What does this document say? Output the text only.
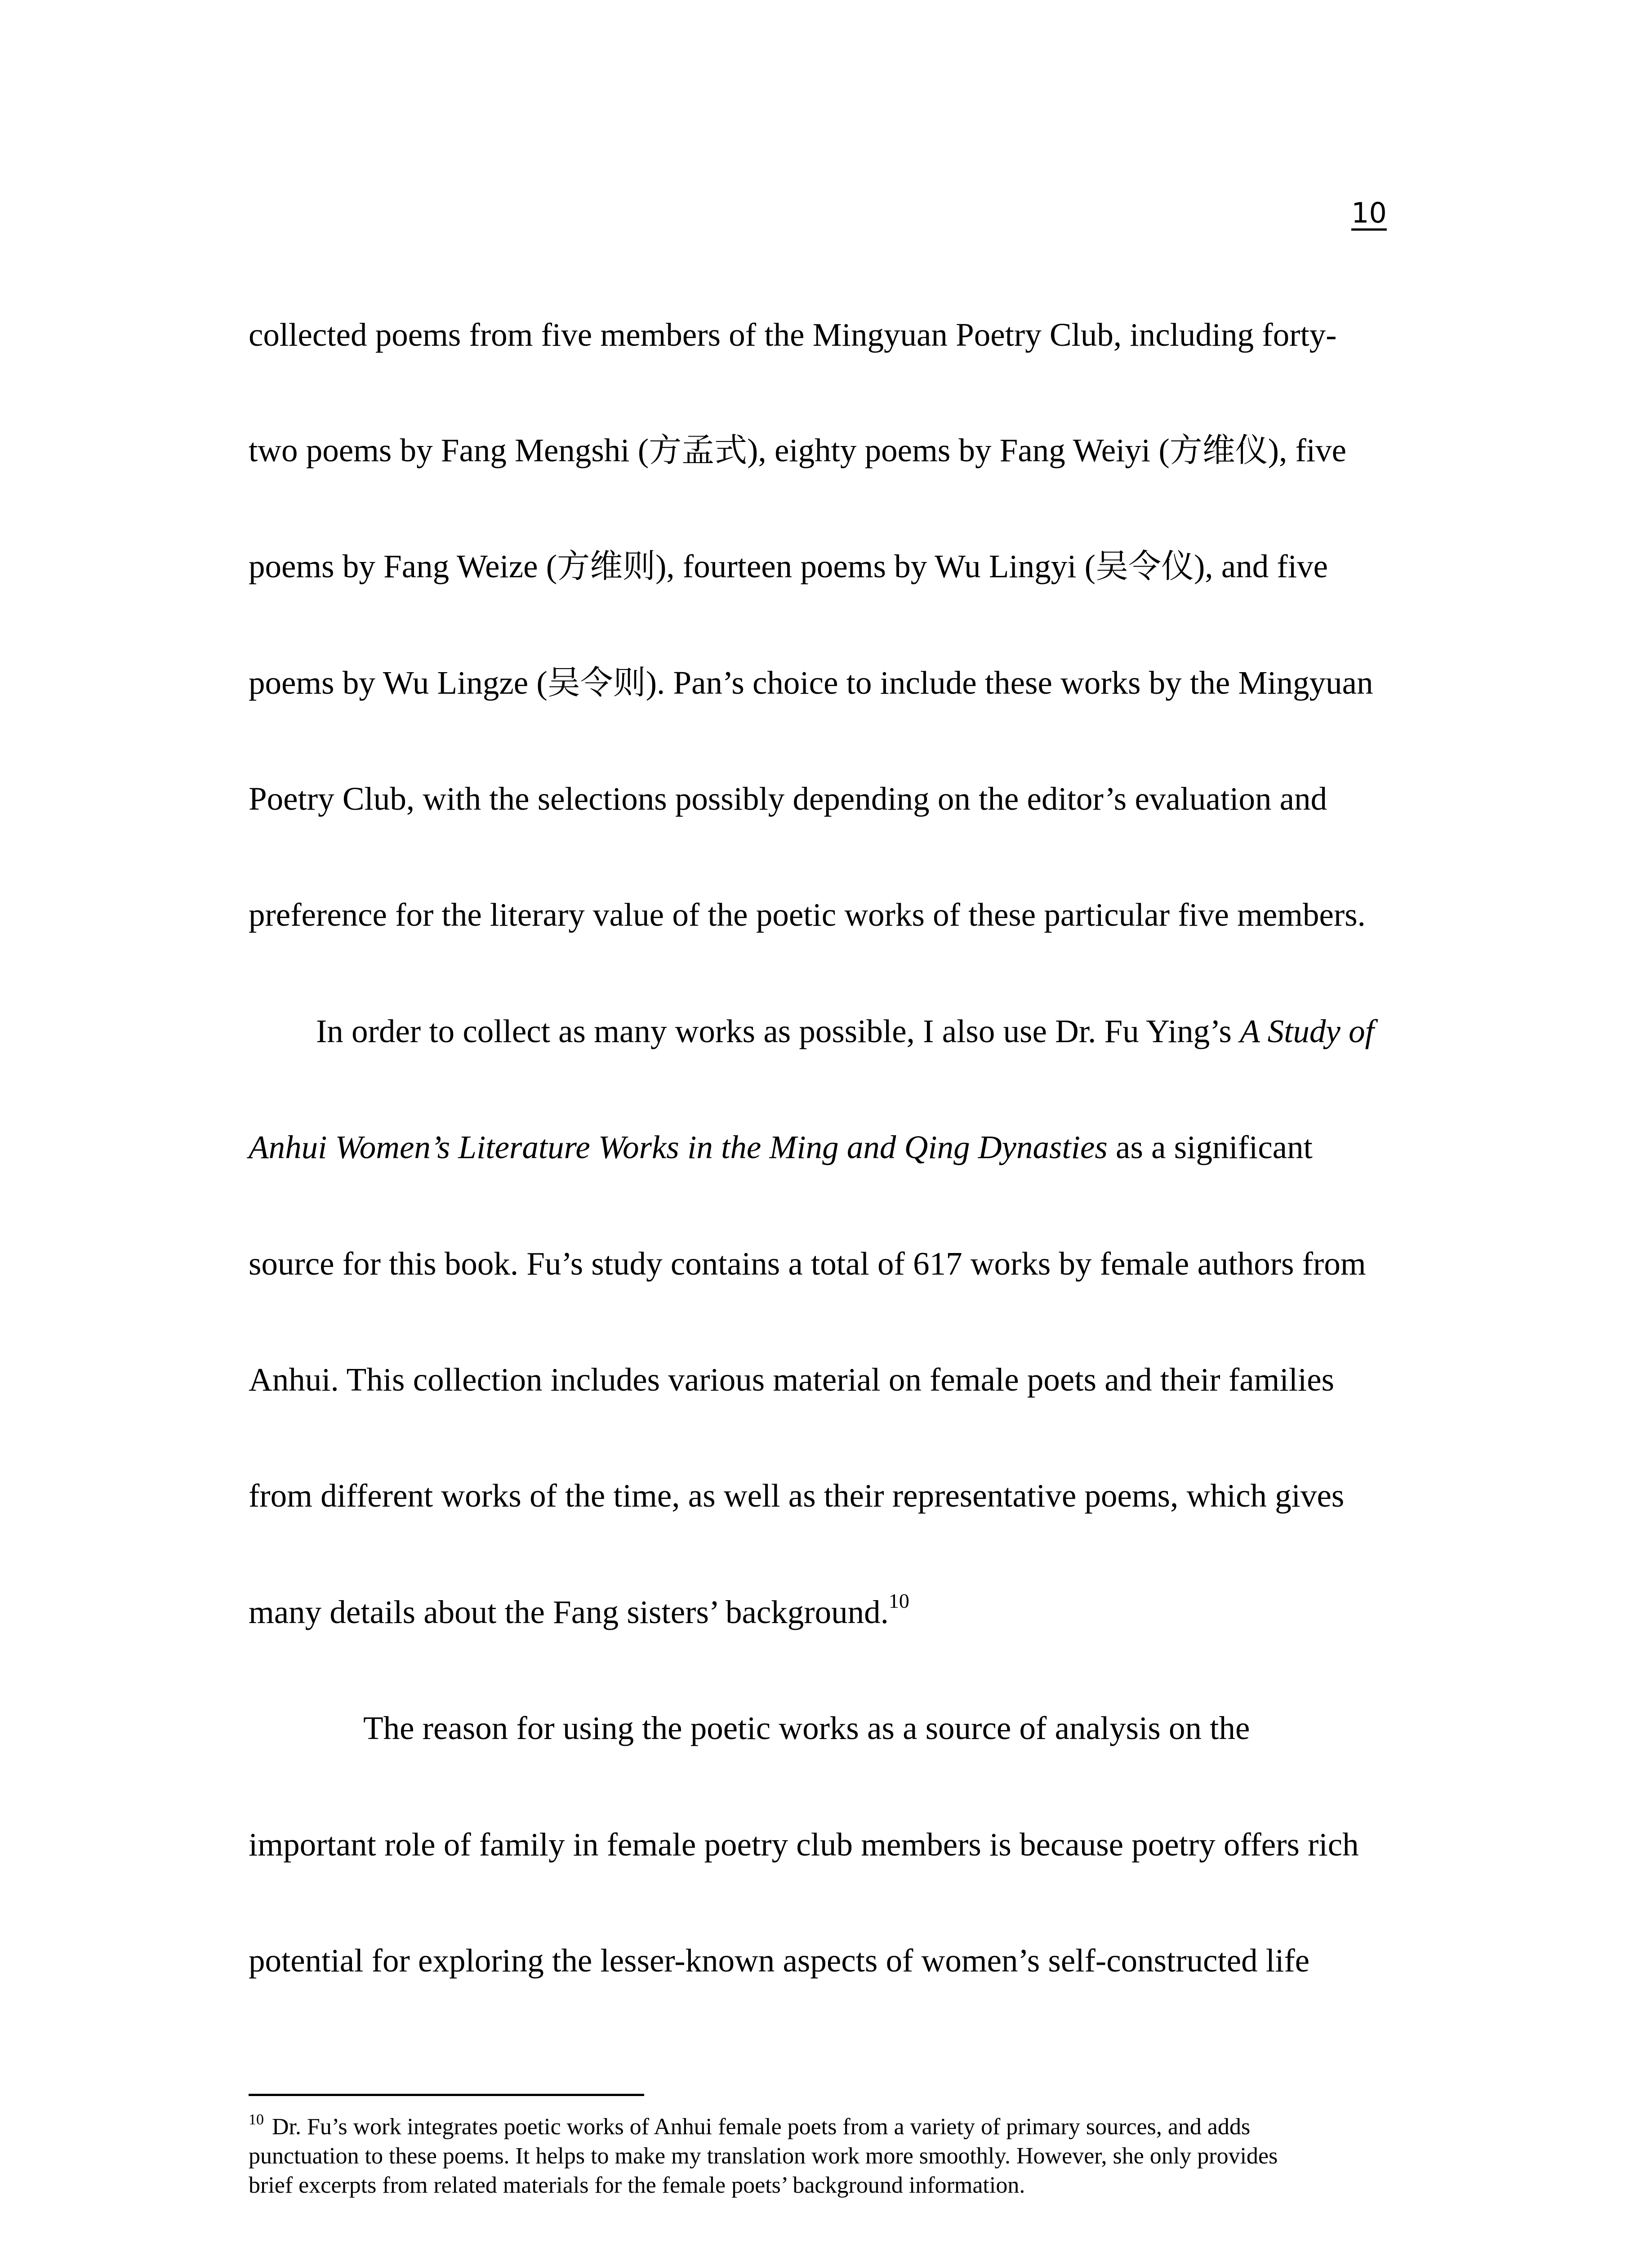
10
collected poems from five members of the Mingyuan Poetry Club, including forty-
two poems by Fang Mengshi (方孟式), eighty poems by Fang Weiyi (方维仪), five
poems by Fang Weize (方维则), fourteen poems by Wu Lingyi (吴令仪), and five
poems by Wu Lingze (吴令则). Pan’s choice to include these works by the Mingyuan
Poetry Club, with the selections possibly depending on the editor’s evaluation and
preference for the literary value of the poetic works of these particular five members.
In order to collect as many works as possible, I also use Dr. Fu Ying’s A Study of
Anhui Women’s Literature Works in the Ming and Qing Dynasties as a significant
source for this book. Fu’s study contains a total of 617 works by female authors from
Anhui. This collection includes various material on female poets and their families
from different works of the time, as well as their representative poems, which gives
many details about the Fang sisters’ background.$^{10}$
The reason for using the poetic works as a source of analysis on the
important role of family in female poetry club members is because poetry offers rich
potential for exploring the lesser-known aspects of women’s self-constructed life
$^{10}$ Dr. Fu’s work integrates poetic works of Anhui female poets from a variety of primary sources, and adds
punctuation to these poems. It helps to make my translation work more smoothly. However, she only provides
brief excerpts from related materials for the female poets’ background information.
